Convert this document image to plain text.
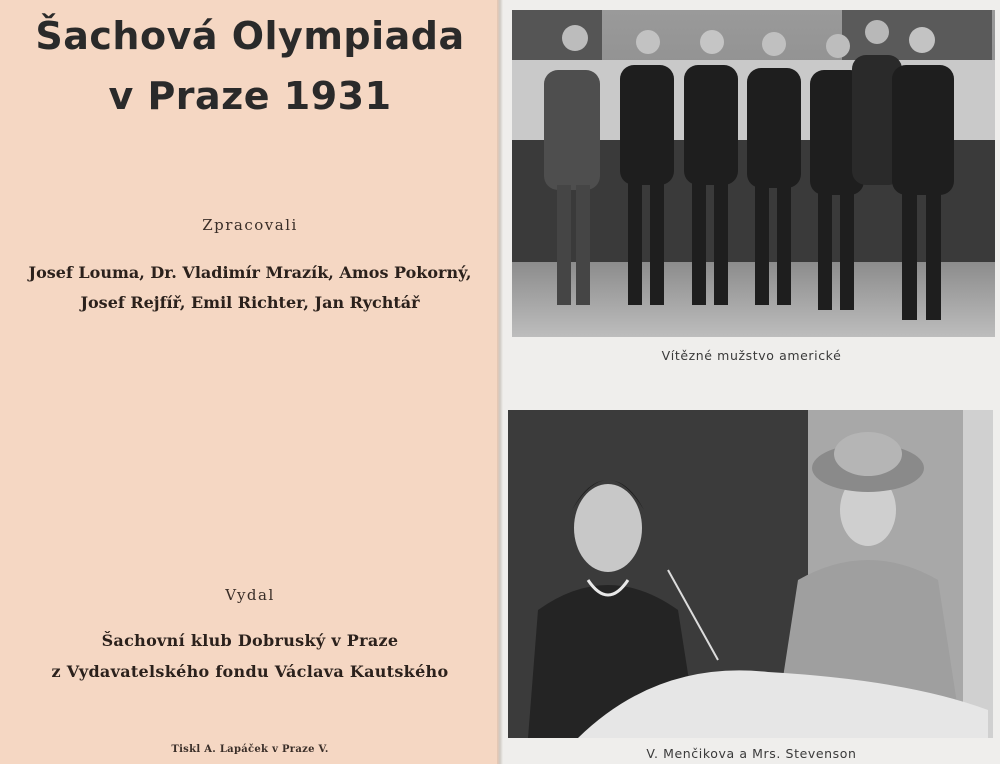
Šachová Olympiada
v Praze 1931
Zpracovali
Josef Louma, Dr. Vladimír Mrazík, Amos Pokorný,
Josef Rejfíř, Emil Richter, Jan Rychtář
Vydal
Šachovní klub Dobruský v Praze
z Vydavatelského fondu Václava Kautského
Tiskl A. Lapáček v Praze V.
Vítězné mužstvo americké
V. Menčikova a Mrs. Stevenson
